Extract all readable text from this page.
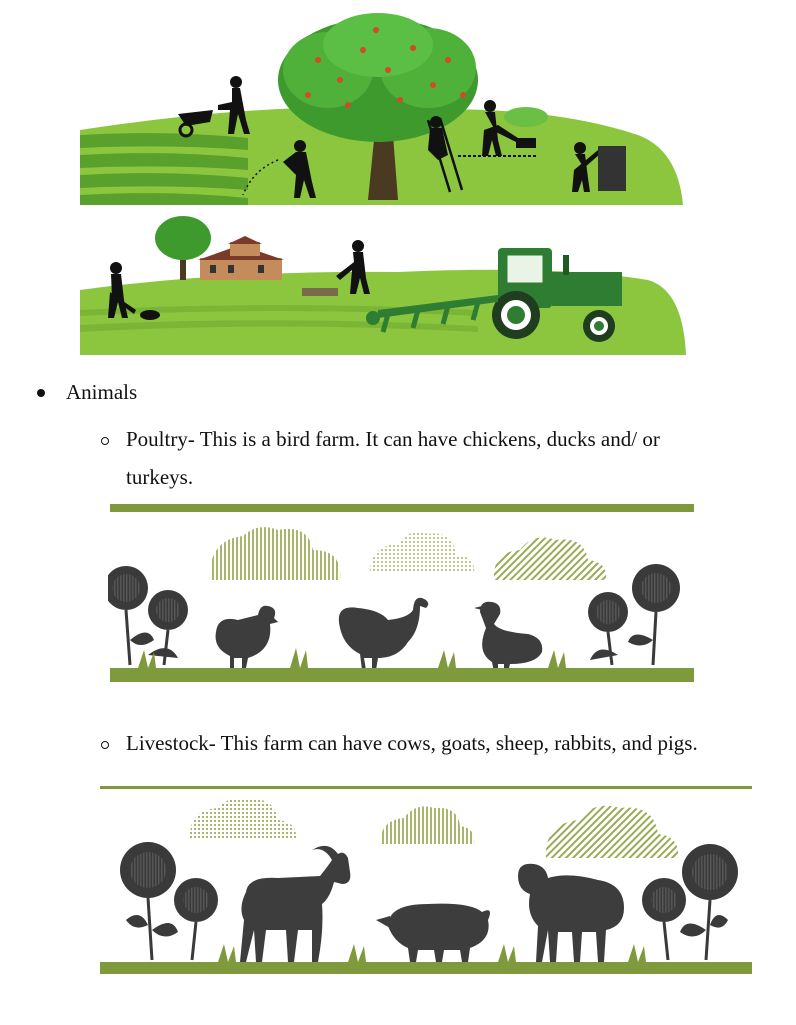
Animals
Poultry- This is a bird farm. It can have chickens, ducks and/ or
turkeys.
Livestock- This farm can have cows, goats, sheep, rabbits, and pigs.
